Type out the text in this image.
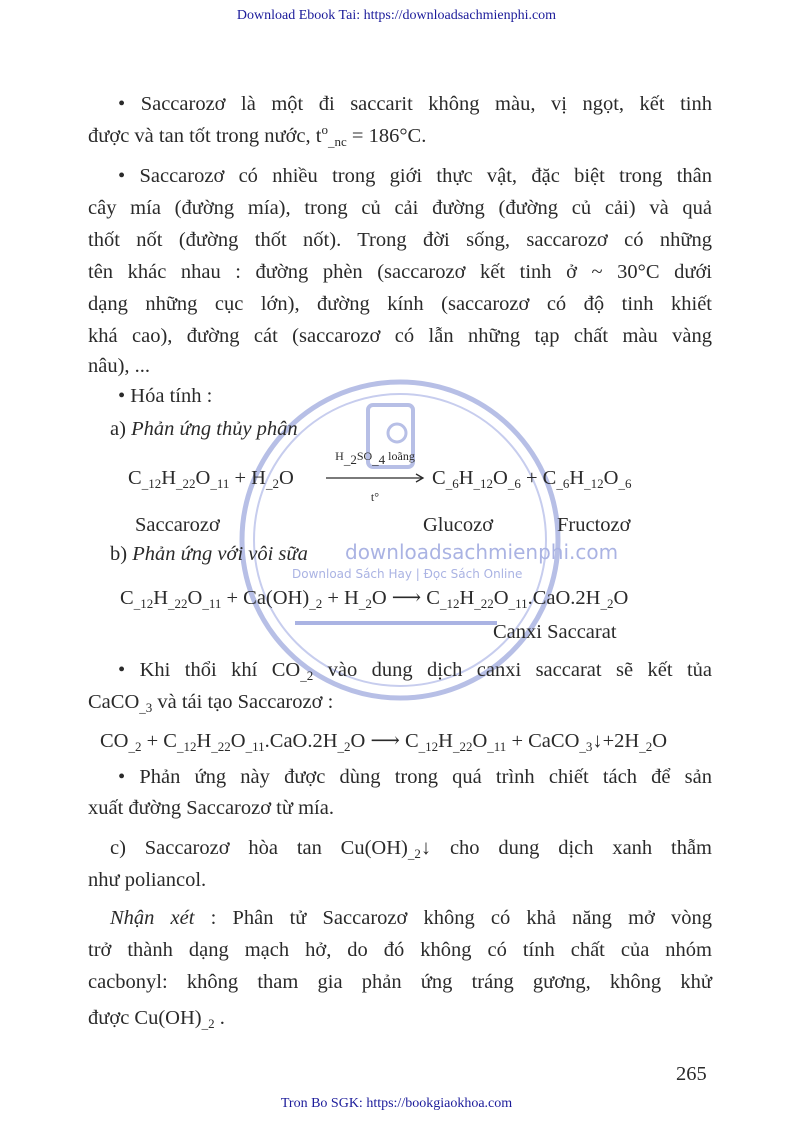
Download Ebook Tai: https://downloadsachmienphi.com
downloadsachmienphi.com
Download Sách Hay | Đọc Sách Online
• Saccarozơ là một đi saccarit không màu, vị ngọt, kết tinh
được và tan tốt trong nước, $t^o_{\_nc} = 186^\circ C$.
• Saccarozơ có nhiều trong giới thực vật, đặc biệt trong thân
cây mía (đường mía), trong củ cải đường (đường củ cải) và quả
thốt nốt (đường thốt nốt). Trong đời sống, saccarozơ có những
tên khác nhau : đường phèn (saccarozơ kết tinh ở ~ 30°C dưới
dạng những cục lớn), đường kính (saccarozơ có độ tinh khiết
khá cao), đường cát (saccarozơ có lẫn những tạp chất màu vàng
nâu), ...
• Hóa tính :
a) Phản ứng thủy phân
$C_{\_12}H_{\_22}O_{\_11} + H_{\_2}O$
$H_{\_2}SO_{\_4}$ loãng
t°
$C_{\_6}H_{\_12}O_{\_6} + C_{\_6}H_{\_12}O_{\_6}$
Saccarozơ	Glucozơ	Fructozơ
b) Phản ứng với vôi sữa
$C_{\_12}H_{\_22}O_{\_11} + Ca(OH)_{\_2} + H_{\_2}O$ ⟶ $C_{\_12}H_{\_22}O_{\_11}.CaO.2H_{\_2}O$
Canxi Saccarat
• Khi thổi khí $CO_{\_2}$ vào dung dịch canxi saccarat sẽ kết tủa
CaCO$_{\_3}$ và tái tạo Saccarozơ :
$CO_{\_2} + C_{\_12}H_{\_22}O_{\_11}.CaO.2H_{\_2}O$ ⟶ $C_{\_12}H_{\_22}O_{\_11}$ + $CaCO_{\_3}↓+2H_{\_2}O$
• Phản ứng này được dùng trong quá trình chiết tách để sản
xuất đường Saccarozơ từ mía.
c) Saccarozơ hòa $\tan Cu(OH)_{\_2}↓$ cho dung dịch xanh thẫm
như poliancol.
Nhận xét : Phân tử Saccarozơ không có khả năng mở vòng
trở thành dạng mạch hở, do đó không có tính chất của nhóm
cacbonyl: không tham gia phản ứng tráng gương, không khử
được $Cu(OH)_{\_2}$ .
265
Tron Bo SGK: https://bookgiaokhoa.com
